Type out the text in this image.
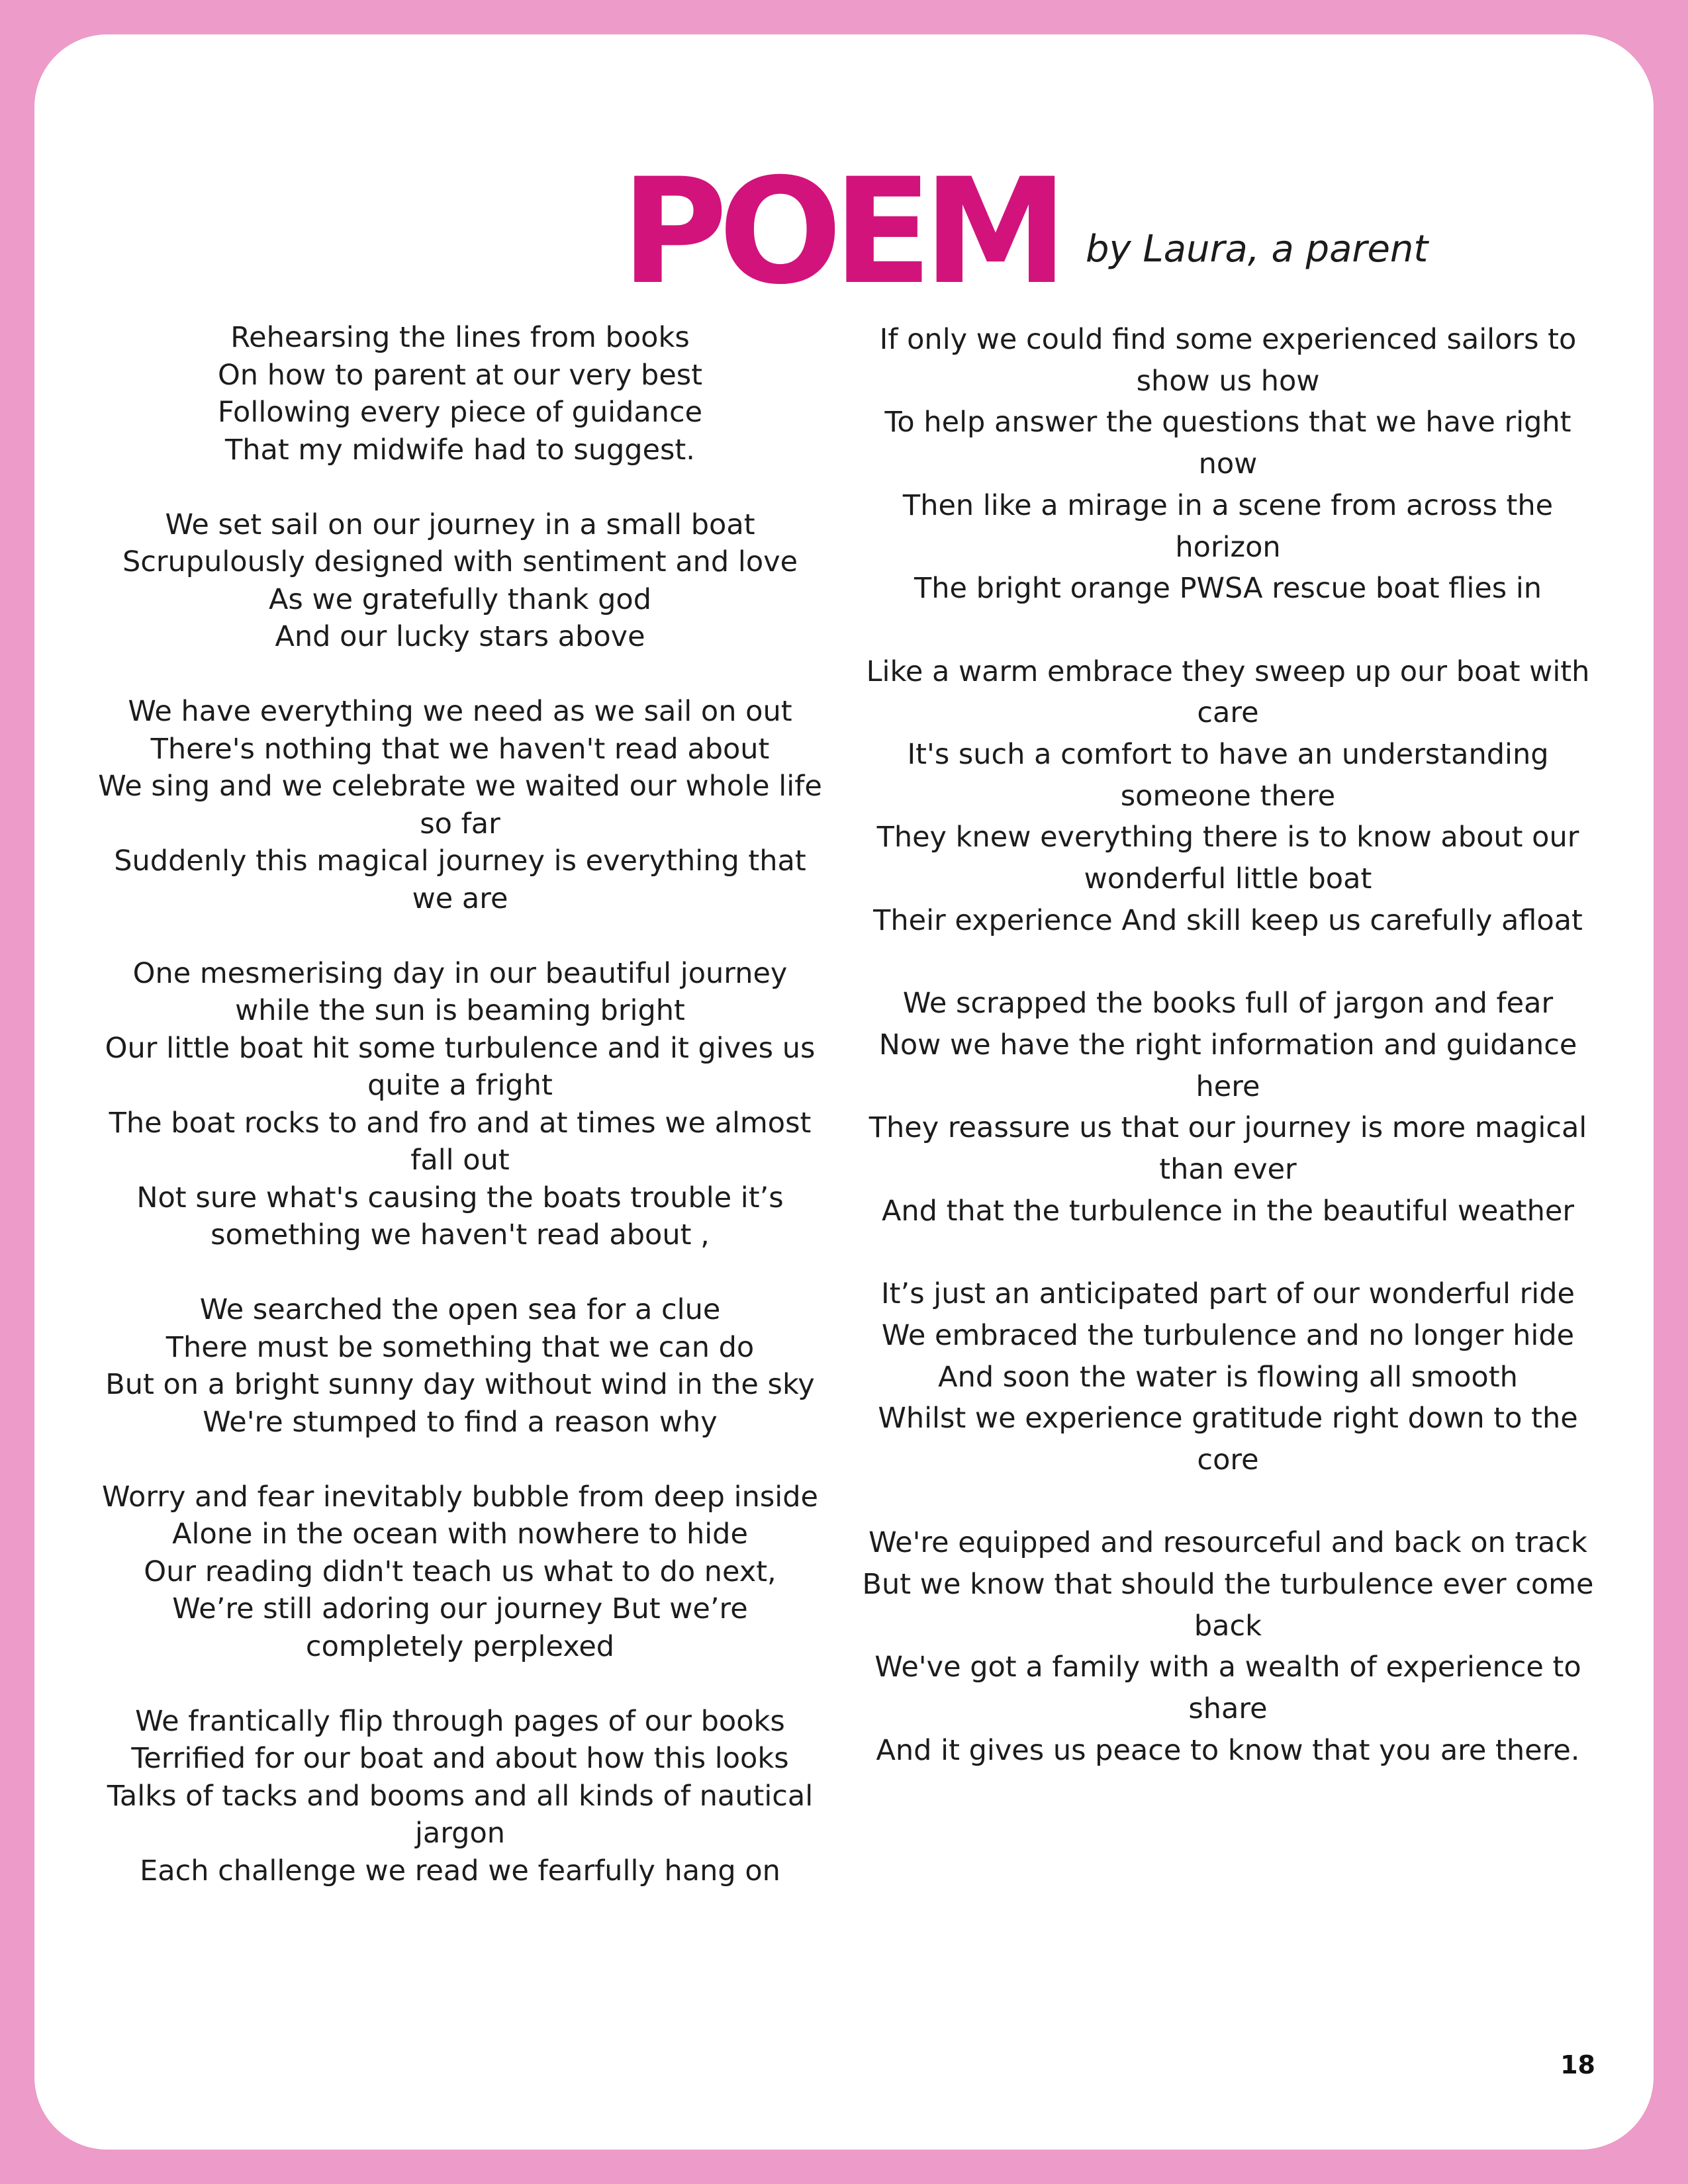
POEM by Laura, a parent
Rehearsing the lines from books
On how to parent at our very best
Following every piece of guidance
That my midwife had to suggest.
We set sail on our journey in a small boat
Scrupulously designed with sentiment and love
As we gratefully thank god
And our lucky stars above
We have everything we need as we sail on out
There's nothing that we haven't read about
We sing and we celebrate we waited our whole life so far
Suddenly this magical journey is everything that we are
One mesmerising day in our beautiful journey while the sun is beaming bright
Our little boat hit some turbulence and it gives us quite a fright
The boat rocks to and fro and at times we almost fall out
Not sure what's causing the boats trouble it’s something we haven't read about ,
We searched the open sea for a clue
There must be something that we can do
But on a bright sunny day without wind in the sky
We're stumped to find a reason why
Worry and fear inevitably bubble from deep inside
Alone in the ocean with nowhere to hide
Our reading didn't teach us what to do next,
We’re still adoring our journey But we’re completely perplexed
We frantically flip through pages of our books
Terrified for our boat and about how this looks
Talks of tacks and booms and all kinds of nautical jargon
Each challenge we read we fearfully hang on
If only we could find some experienced sailors to show us how
To help answer the questions that we have right now
Then like a mirage in a scene from across the horizon
The bright orange PWSA rescue boat flies in
Like a warm embrace they sweep up our boat with care
It's such a comfort to have an understanding someone there
They knew everything there is to know about our wonderful little boat
Their experience And skill keep us carefully afloat
We scrapped the books full of jargon and fear
Now we have the right information and guidance here
They reassure us that our journey is more magical than ever
And that the turbulence in the beautiful weather
It’s just an anticipated part of our wonderful ride
We embraced the turbulence and no longer hide
And soon the water is flowing all smooth
Whilst we experience gratitude right down to the core
We're equipped and resourceful and back on track
But we know that should the turbulence ever come back
We've got a family with a wealth of experience to share
And it gives us peace to know that you are there.
18
